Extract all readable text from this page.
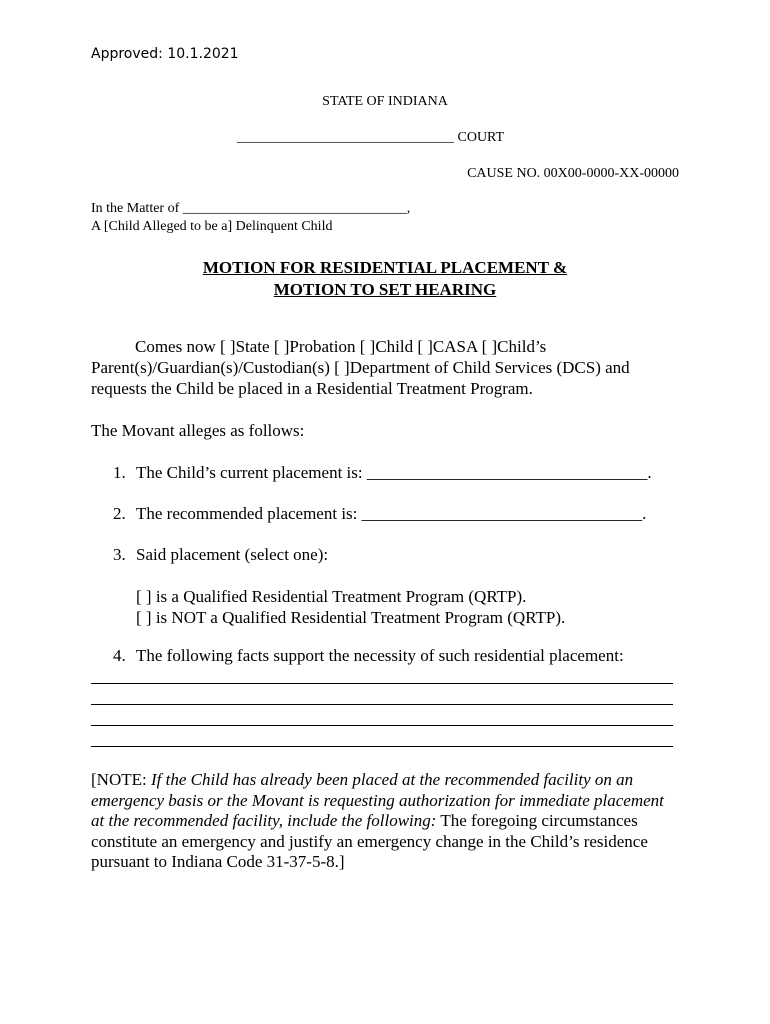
Approved: 10.1.2021
STATE OF INDIANA
_______________________________ COURT
CAUSE NO. 00X00-0000-XX-00000
In the Matter of ________________________________,
A [Child Alleged to be a] Delinquent Child
MOTION FOR RESIDENTIAL PLACEMENT &
MOTION TO SET HEARING
Comes now [ ]State [ ]Probation [ ]Child [ ]CASA [ ]Child’s
Parent(s)/Guardian(s)/Custodian(s) [ ]Department of Child Services (DCS) and
requests the Child be placed in a Residential Treatment Program.
The Movant alleges as follows:
1. The Child’s current placement is: _________________________________.
2. The recommended placement is: _________________________________.
3. Said placement (select one):
[ ] is a Qualified Residential Treatment Program (QRTP).
[ ] is NOT a Qualified Residential Treatment Program (QRTP).
4. The following facts support the necessity of such residential placement:
[NOTE: If the Child has already been placed at the recommended facility on an emergency basis or the Movant is requesting authorization for immediate placement at the recommended facility, include the following: The foregoing circumstances constitute an emergency and justify an emergency change in the Child’s residence pursuant to Indiana Code 31-37-5-8.]
